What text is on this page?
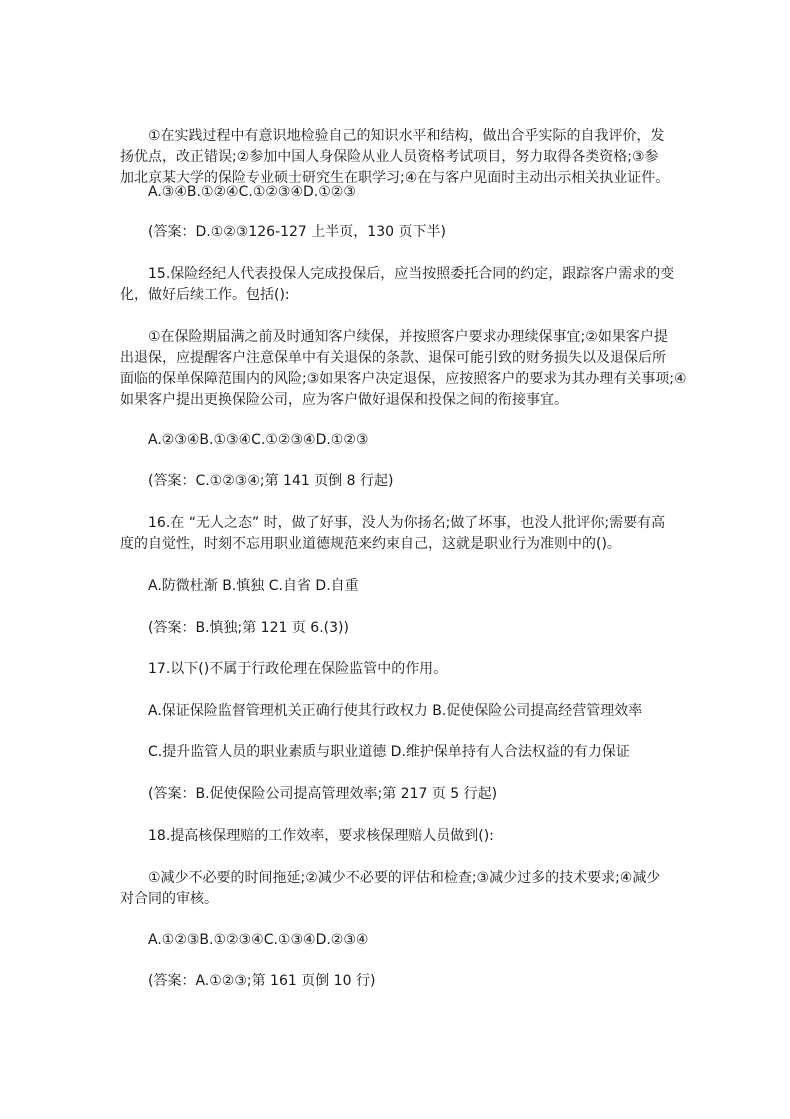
①在实践过程中有意识地检验自己的知识水平和结构，做出合乎实际的自我评价，发
扬优点，改正错误;②参加中国人身保险从业人员资格考试项目，努力取得各类资格;③参
加北京某大学的保险专业硕士研究生在职学习;④在与客户见面时主动出示相关执业证件。
A.③④B.①②④C.①②③④D.①②③
(答案：D.①②③126-127 上半页，130 页下半)
15.保险经纪人代表投保人完成投保后，应当按照委托合同的约定，跟踪客户需求的变
化，做好后续工作。包括():
①在保险期届满之前及时通知客户续保，并按照客户要求办理续保事宜;②如果客户提
出退保，应提醒客户注意保单中有关退保的条款、退保可能引致的财务损失以及退保后所
面临的保单保障范围内的风险;③如果客户决定退保，应按照客户的要求为其办理有关事项;④
如果客户提出更换保险公司，应为客户做好退保和投保之间的衔接事宜。
A.②③④B.①③④C.①②③④D.①②③
(答案：C.①②③④;第 141 页倒 8 行起)
16.在 “无人之态” 时，做了好事，没人为你扬名;做了坏事，也没人批评你;需要有高
度的自觉性，时刻不忘用职业道德规范来约束自己，这就是职业行为准则中的()。
A.防微杜渐 B.慎独 C.自省 D.自重
(答案：B.慎独;第 121 页 6.(3))
17.以下()不属于行政伦理在保险监管中的作用。
A.保证保险监督管理机关正确行使其行政权力 B.促使保险公司提高经营管理效率
C.提升监管人员的职业素质与职业道德 D.维护保单持有人合法权益的有力保证
(答案：B.促使保险公司提高管理效率;第 217 页 5 行起)
18.提高核保理赔的工作效率，要求核保理赔人员做到():
①减少不必要的时间拖延;②减少不必要的评估和检查;③减少过多的技术要求;④减少
对合同的审核。
A.①②③B.①②③④C.①③④D.②③④
(答案：A.①②③;第 161 页倒 10 行)
